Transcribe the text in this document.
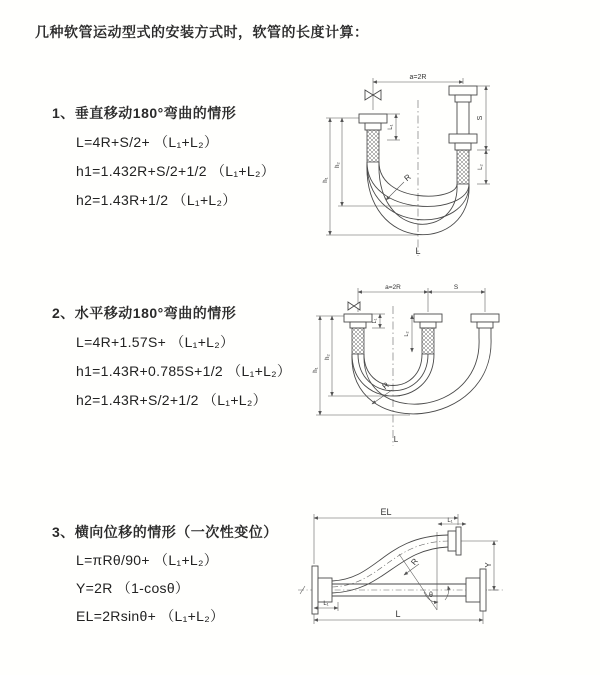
几种软管运动型式的安装方式时，软管的长度计算：
1、垂直移动180°弯曲的情形
L=4R+S/2+ （L₁+L₂）
h1=1.432R+S/2+1/2 （L₁+L₂）
h2=1.43R+1/2 （L₁+L₂）
2、水平移动180°弯曲的情形
L=4R+1.57S+ （L₁+L₂）
h1=1.43R+0.785S+1/2 （L₁+L₂）
h2=1.43R+S/2+1/2 （L₁+L₂）
3、横向位移的情形（一次性变位）
L=πRθ/90+ （L₁+L₂）
Y=2R （1-cosθ）
EL=2Rsinθ+ （L₁+L₂）
a=2R
S
L₂
L₁
h₂
h₁	R
L
a=2R	S
h₂
h₁
L₁
L₂
R
L
EL
L₁
Y
L
L₁
θ
R
